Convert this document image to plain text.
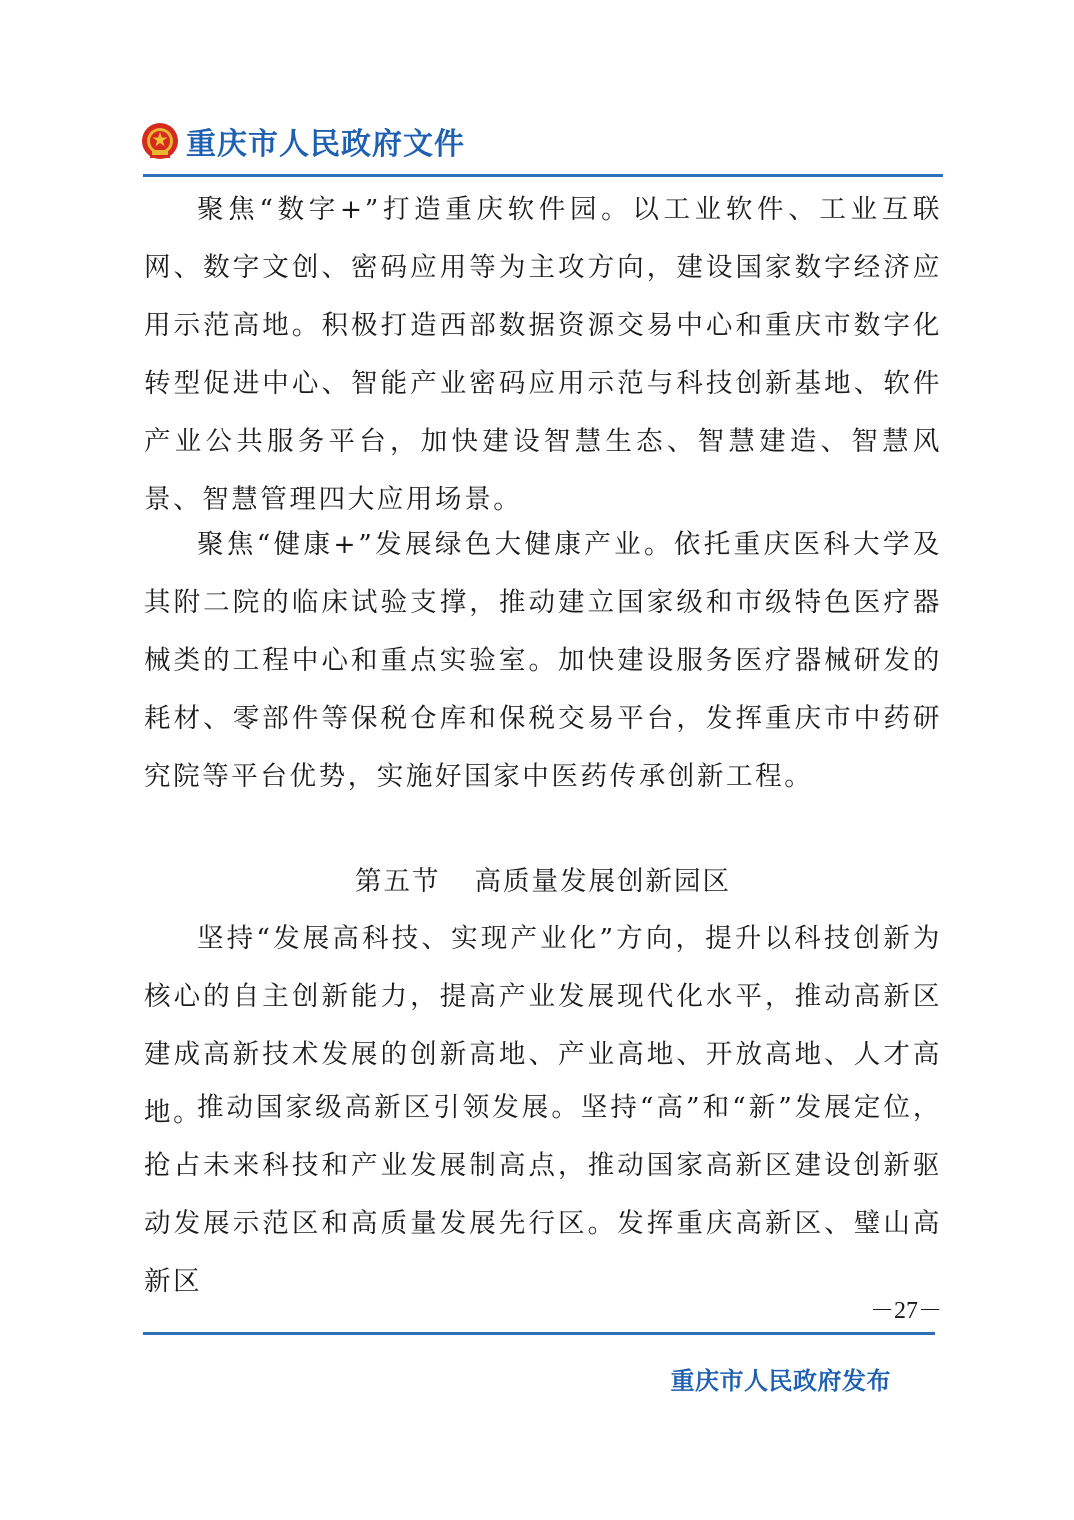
重庆市人民政府文件

聚焦“数字+”打造重庆软件园。以工业软件、工业互联网、数字文创、密码应用等为主攻方向，建设国家数字经济应用示范高地。积极打造西部数据资源交易中心和重庆市数字化转型促进中心、智能产业密码应用示范与科技创新基地、软件产业公共服务平台，加快建设智慧生态、智慧建造、智慧风景、智慧管理四大应用场景。

聚焦“健康+”发展绿色大健康产业。依托重庆医科大学及其附二院的临床试验支撑，推动建立国家级和市级特色医疗器械类的工程中心和重点实验室。加快建设服务医疗器械研发的耗材、零部件等保税仓库和保税交易平台，发挥重庆市中药研究院等平台优势，实施好国家中医药传承创新工程。

第五节 高质量发展创新园区

坚持“发展高科技、实现产业化”方向，提升以科技创新为核心的自主创新能力，提高产业发展现代化水平，推动高新区建成高新技术发展的创新高地、产业高地、开放高地、人才高地。

推动国家级高新区引领发展。坚持“高”和“新”发展定位，抢占未来科技和产业发展制高点，推动国家高新区建设创新驱动发展示范区和高质量发展先行区。发挥重庆高新区、璧山高新区

－27－
重庆市人民政府发布
